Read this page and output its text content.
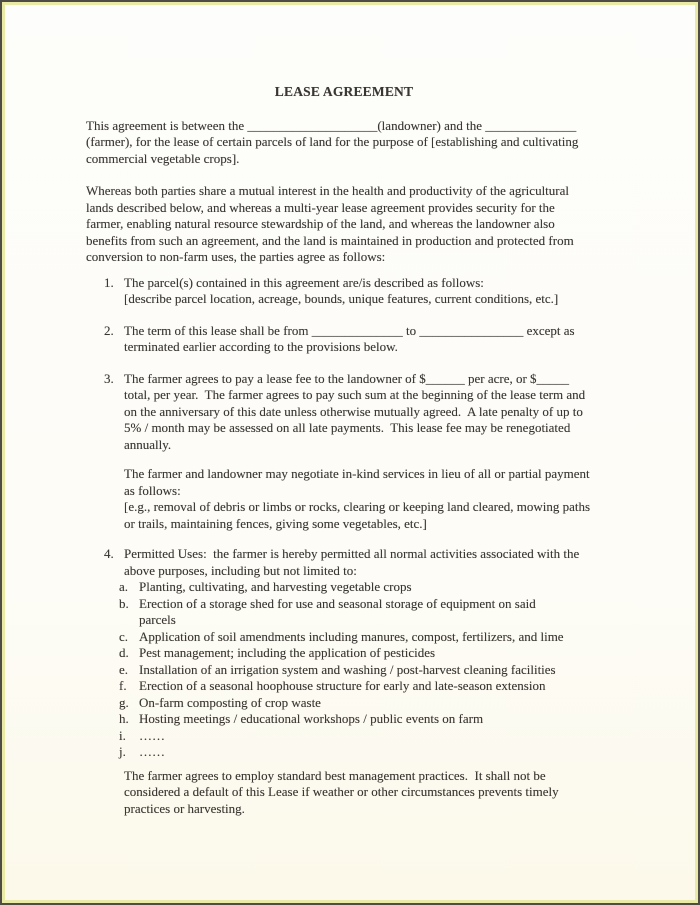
LEASE AGREEMENT
This agreement is between the ____________________(landowner) and the ______________
(farmer), for the lease of certain parcels of land for the purpose of [establishing and cultivating
commercial vegetable crops].
Whereas both parties share a mutual interest in the health and productivity of the agricultural
lands described below, and whereas a multi-year lease agreement provides security for the
farmer, enabling natural resource stewardship of the land, and whereas the landowner also
benefits from such an agreement, and the land is maintained in production and protected from
conversion to non-farm uses, the parties agree as follows:
1. The parcel(s) contained in this agreement are/is described as follows:
[describe parcel location, acreage, bounds, unique features, current conditions, etc.]
2. The term of this lease shall be from ______________ to ________________ except as
terminated earlier according to the provisions below.
3. The farmer agrees to pay a lease fee to the landowner of $______ per acre, or $_____
total, per year.  The farmer agrees to pay such sum at the beginning of the lease term and
on the anniversary of this date unless otherwise mutually agreed.  A late penalty of up to
5% / month may be assessed on all late payments.  This lease fee may be renegotiated
annually.
The farmer and landowner may negotiate in-kind services in lieu of all or partial payment
as follows:
[e.g., removal of debris or limbs or rocks, clearing or keeping land cleared, mowing paths
or trails, maintaining fences, giving some vegetables, etc.]
4. Permitted Uses:  the farmer is hereby permitted all normal activities associated with the
above purposes, including but not limited to:
a. Planting, cultivating, and harvesting vegetable crops
b. Erection of a storage shed for use and seasonal storage of equipment on said
parcels
c. Application of soil amendments including manures, compost, fertilizers, and lime
d. Pest management; including the application of pesticides
e. Installation of an irrigation system and washing / post-harvest cleaning facilities
f. Erection of a seasonal hoophouse structure for early and late-season extension
g. On-farm composting of crop waste
h. Hosting meetings / educational workshops / public events on farm
i.	……
j.	……
The farmer agrees to employ standard best management practices.  It shall not be
considered a default of this Lease if weather or other circumstances prevents timely
practices or harvesting.
